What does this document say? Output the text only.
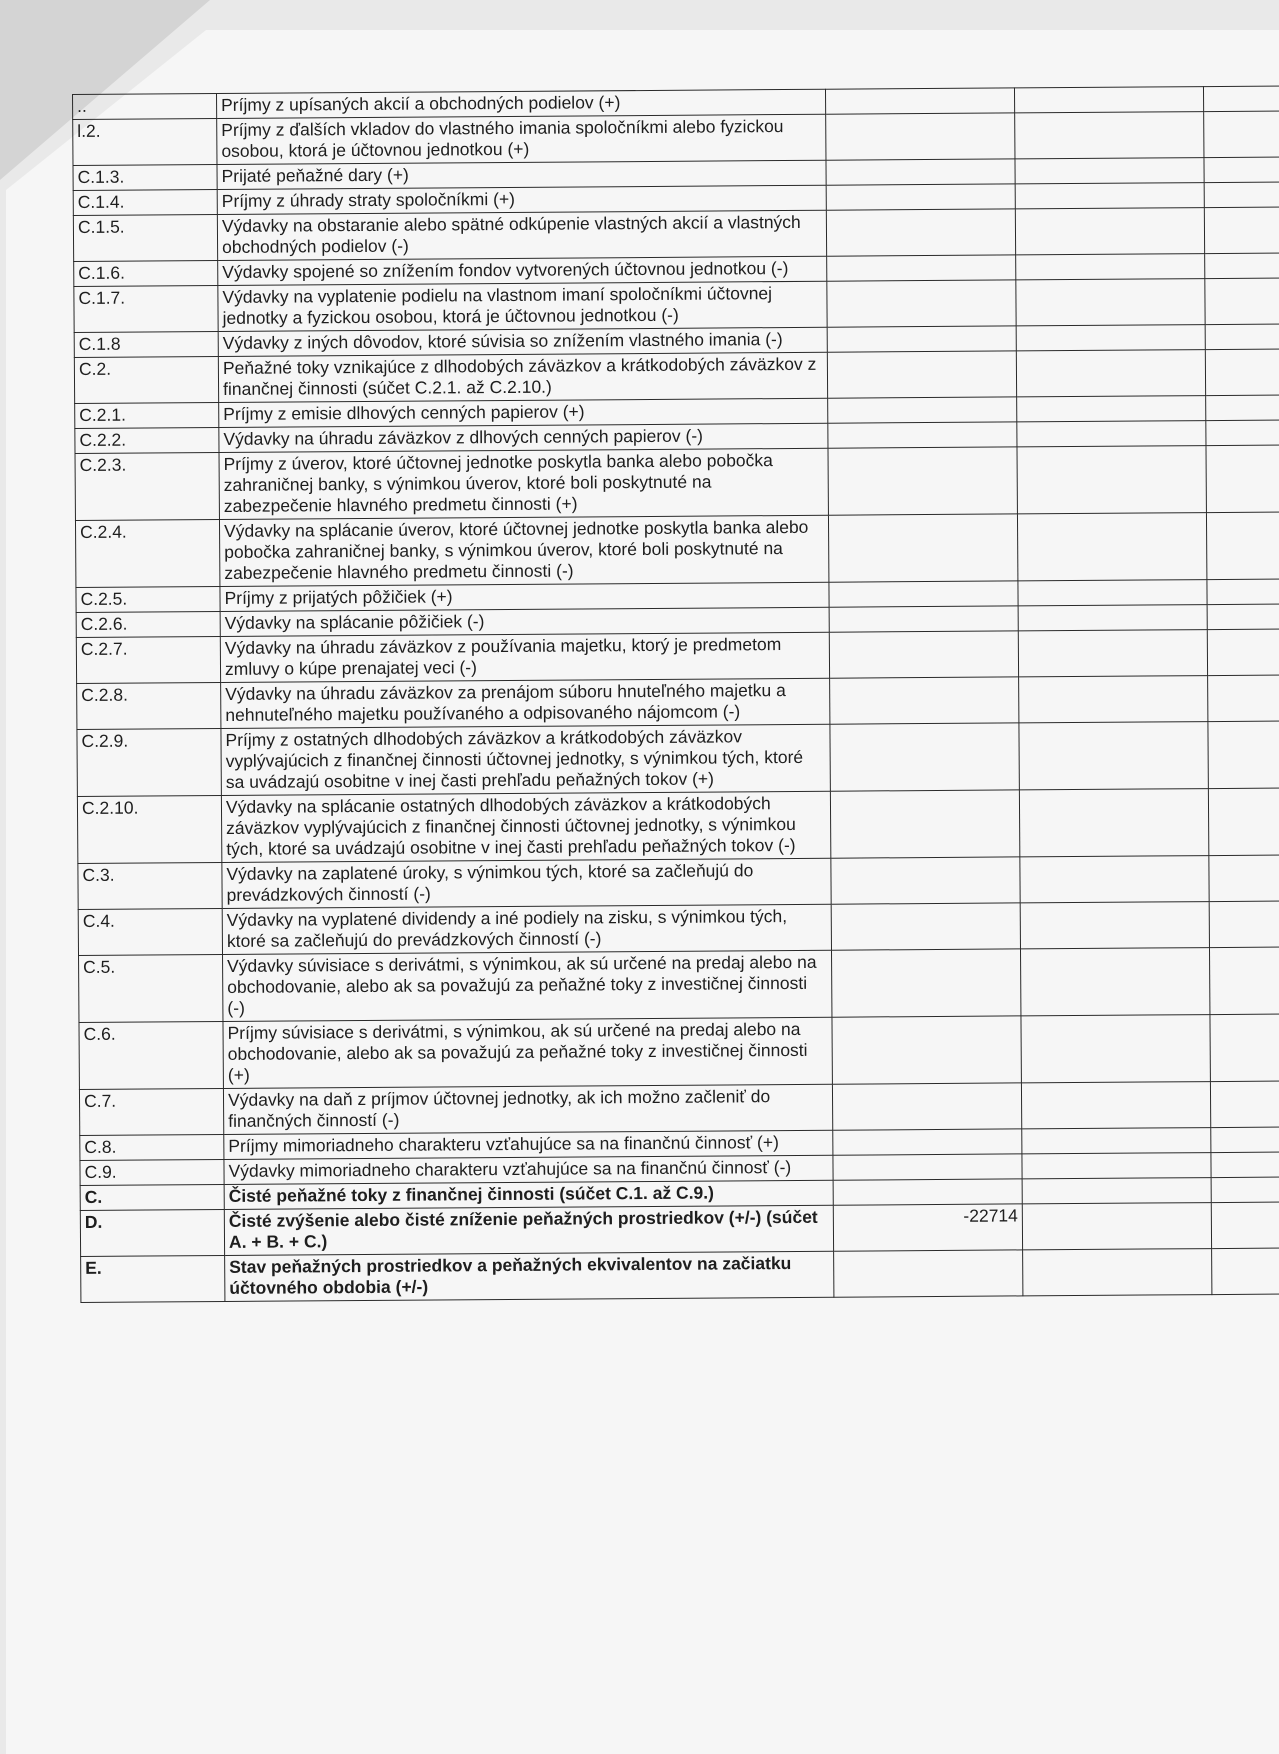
..	Príjmy z upísaných akcií a obchodných podielov (+)			
l.2.	Príjmy z ďalších vkladov do vlastného imania spoločníkmi alebo fyzickou osobou, ktorá je účtovnou jednotkou (+)			
C.1.3.	Prijaté peňažné dary (+)			
C.1.4.	Príjmy z úhrady straty spoločníkmi (+)			
C.1.5.	Výdavky na obstaranie alebo spätné odkúpenie vlastných akcií a vlastných obchodných podielov (-)			
C.1.6.	Výdavky spojené so znížením fondov vytvorených účtovnou jednotkou (-)			
C.1.7.	Výdavky na vyplatenie podielu na vlastnom imaní spoločníkmi účtovnej jednotky a fyzickou osobou, ktorá je účtovnou jednotkou (-)			
C.1.8	Výdavky z iných dôvodov, ktoré súvisia so znížením vlastného imania (-)			
C.2.	Peňažné toky vznikajúce z dlhodobých záväzkov a krátkodobých záväzkov z finančnej činnosti (súčet C.2.1. až C.2.10.)			
C.2.1.	Príjmy z emisie dlhových cenných papierov (+)			
C.2.2.	Výdavky na úhradu záväzkov z dlhových cenných papierov (-)			
C.2.3.	Príjmy z úverov, ktoré účtovnej jednotke poskytla banka alebo pobočka zahraničnej banky, s výnimkou úverov, ktoré boli poskytnuté na zabezpečenie hlavného predmetu činnosti (+)			
C.2.4.	Výdavky na splácanie úverov, ktoré účtovnej jednotke poskytla banka alebo pobočka zahraničnej banky, s výnimkou úverov, ktoré boli poskytnuté na zabezpečenie hlavného predmetu činnosti (-)			
C.2.5.	Príjmy z prijatých pôžičiek (+)			
C.2.6.	Výdavky na splácanie pôžičiek (-)			
C.2.7.	Výdavky na úhradu záväzkov z používania majetku, ktorý je predmetom zmluvy o kúpe prenajatej veci (-)			
C.2.8.	Výdavky na úhradu záväzkov za prenájom súboru hnuteľného majetku a nehnuteľného majetku používaného a odpisovaného nájomcom (-)			
C.2.9.	Príjmy z ostatných dlhodobých záväzkov a krátkodobých záväzkov vyplývajúcich z finančnej činnosti účtovnej jednotky, s výnimkou tých, ktoré sa uvádzajú osobitne v inej časti prehľadu peňažných tokov (+)			
C.2.10.	Výdavky na splácanie ostatných dlhodobých záväzkov a krátkodobých záväzkov vyplývajúcich z finančnej činnosti účtovnej jednotky, s výnimkou tých, ktoré sa uvádzajú osobitne v inej časti prehľadu peňažných tokov (-)			
C.3.	Výdavky na zaplatené úroky, s výnimkou tých, ktoré sa začleňujú do prevádzkových činností (-)			
C.4.	Výdavky na vyplatené dividendy a iné podiely na zisku, s výnimkou tých, ktoré sa začleňujú do prevádzkových činností (-)			
C.5.	Výdavky súvisiace s derivátmi, s výnimkou, ak sú určené na predaj alebo na obchodovanie, alebo ak sa považujú za peňažné toky z investičnej činnosti (-)			
C.6.	Príjmy súvisiace s derivátmi, s výnimkou, ak sú určené na predaj alebo na obchodovanie, alebo ak sa považujú za peňažné toky z investičnej činnosti (+)			
C.7.	Výdavky na daň z príjmov účtovnej jednotky, ak ich možno začleniť do finančných činností (-)			
C.8.	Príjmy mimoriadneho charakteru vzťahujúce sa na finančnú činnosť (+)			
C.9.	Výdavky mimoriadneho charakteru vzťahujúce sa na finančnú činnosť (-)			
C.	Čisté peňažné toky z finančnej činnosti (súčet C.1. až C.9.)			
D.	Čisté zvýšenie alebo čisté zníženie peňažných prostriedkov (+/-) (súčet A. + B. + C.)	-22714		
E.	Stav peňažných prostriedkov a peňažných ekvivalentov na začiatku účtovného obdobia (+/-)			
